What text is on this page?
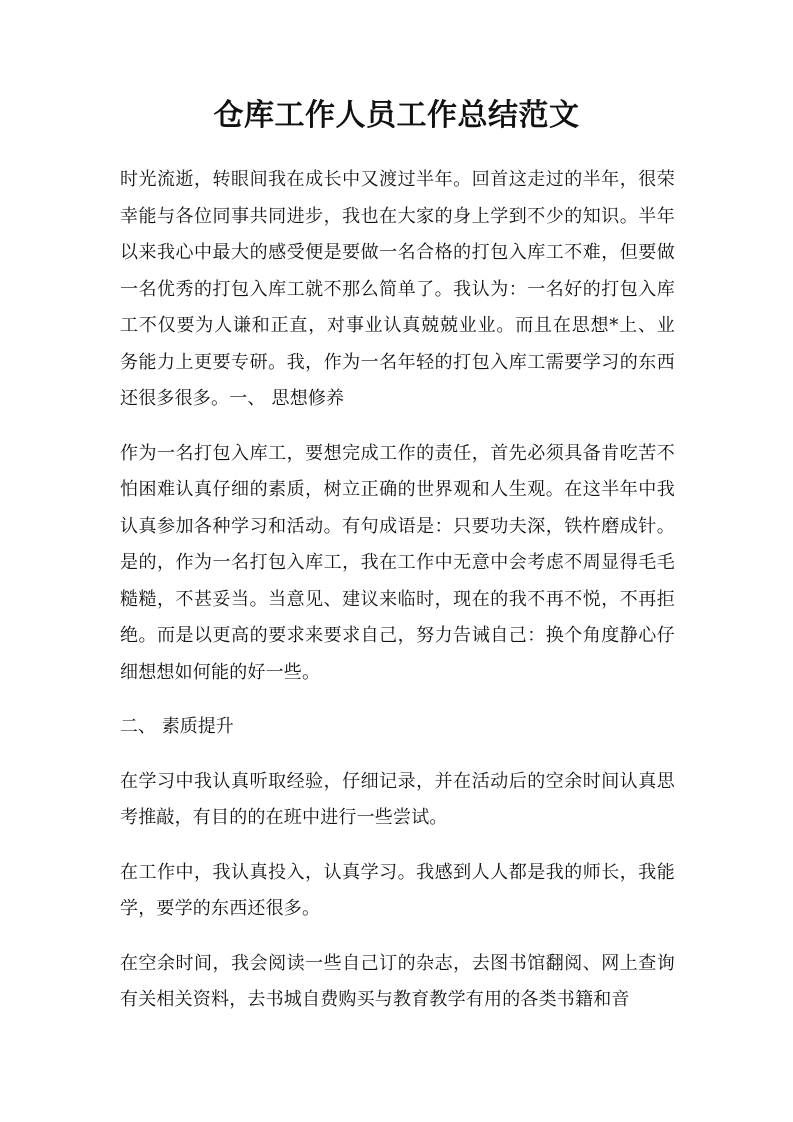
仓库工作人员工作总结范文

时光流逝，转眼间我在成长中又渡过半年。回首这走过的半年，很荣幸能与各位同事共同进步，我也在大家的身上学到不少的知识。半年以来我心中最大的感受便是要做一名合格的打包入库工不难，但要做一名优秀的打包入库工就不那么简单了。我认为：一名好的打包入库工不仅要为人谦和正直，对事业认真兢兢业业。而且在思想*上、业务能力上更要专研。我，作为一名年轻的打包入库工需要学习的东西还很多很多。一、 思想修养

作为一名打包入库工，要想完成工作的责任，首先必须具备肯吃苦不怕困难认真仔细的素质，树立正确的世界观和人生观。在这半年中我认真参加各种学习和活动。有句成语是：只要功夫深，铁杵磨成针。是的，作为一名打包入库工，我在工作中无意中会考虑不周显得毛毛糙糙，不甚妥当。当意见、建议来临时，现在的我不再不悦，不再拒绝。而是以更高的要求来要求自己，努力告诫自己：换个角度静心仔细想想如何能的好一些。

二、 素质提升

在学习中我认真听取经验，仔细记录，并在活动后的空余时间认真思考推敲，有目的的在班中进行一些尝试。

在工作中，我认真投入，认真学习。我感到人人都是我的师长，我能学，要学的东西还很多。

在空余时间，我会阅读一些自己订的杂志，去图书馆翻阅、网上查询有关相关资料，去书城自费购买与教育教学有用的各类书籍和音
